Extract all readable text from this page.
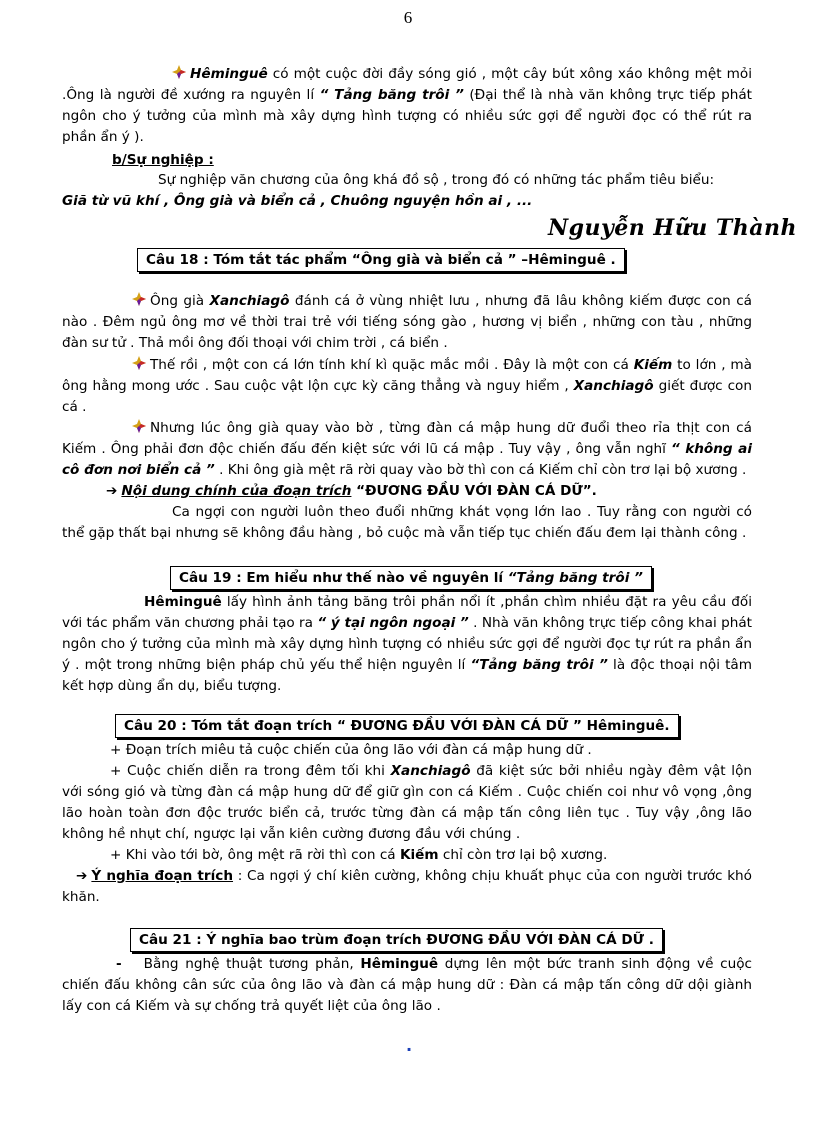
6
Hêminguê có một cuộc đời đầy sóng gió , một cây bút xông xáo không mệt mỏi .Ông là người đề xướng ra nguyên lí “ Tảng băng trôi ” (Đại thể là nhà văn không trực tiếp phát ngôn cho ý tưởng của mình mà xây dựng hình tượng có nhiều sức gợi để người đọc có thể rút ra phần ẩn ý ).
b/Sự nghiệp :
Sự nghiệp văn chương của ông khá đồ sộ , trong đó có những tác phẩm tiêu biểu:
Giã từ vũ khí , Ông già và biển cả , Chuông nguyện hồn ai , ...
Nguyễn Hữu Thành
Câu 18 : Tóm tắt tác phẩm “Ông già và biển cả ” –Hêminguê .
Ông già Xanchiagô đánh cá ở vùng nhiệt lưu , nhưng đã lâu không kiếm được con cá nào . Đêm ngủ ông mơ về thời trai trẻ với tiếng sóng gào , hương vị biển , những con tàu , những đàn sư tử . Thả mồi ông đối thoại với chim trời , cá biển .
Thế rồi , một con cá lớn tính khí kì quặc mắc mồi . Đây là một con cá Kiếm to lớn , mà ông hằng mong ước . Sau cuộc vật lộn cực kỳ căng thẳng và nguy hiểm , Xanchiagô giết được con cá .
Nhưng lúc ông già quay vào bờ , từng đàn cá mập hung dữ đuổi theo rỉa thịt con cá Kiếm . Ông phải đơn độc chiến đấu đến kiệt sức với lũ cá mập . Tuy vậy , ông vẫn nghĩ “ không ai cô đơn nơi biển cả ” . Khi ông già mệt rã rời quay vào bờ thì con cá Kiếm chỉ còn trơ lại bộ xương .
➔ Nội dung chính của đoạn trích “ĐƯƠNG ĐẦU VỚI ĐÀN CÁ DỮ”.
Ca ngợi con người luôn theo đuổi những khát vọng lớn lao . Tuy rằng con người có thể gặp thất bại nhưng sẽ không đầu hàng , bỏ cuộc mà vẫn tiếp tục chiến đấu đem lại thành công .
Câu 19 : Em hiểu như thế nào về nguyên lí “Tảng băng trôi ”
Hêminguê lấy hình ảnh tảng băng trôi phần nổi ít ,phần chìm nhiều đặt ra yêu cầu đối với tác phẩm văn chương phải tạo ra “ ý tại ngôn ngoại ” . Nhà văn không trực tiếp công khai phát ngôn cho ý tưởng của mình mà xây dựng hình tượng có nhiều sức gợi để người đọc tự rút ra phần ẩn ý . một trong những biện pháp chủ yếu thể hiện nguyên lí “Tảng băng trôi ” là độc thoại nội tâm kết hợp dùng ẩn dụ, biểu tượng.
Câu 20 : Tóm tắt đoạn trích “ ĐƯƠNG ĐẦU VỚI ĐÀN CÁ DỮ ” Hêminguê.
+ Đoạn trích miêu tả cuộc chiến của ông lão với đàn cá mập hung dữ .
+ Cuộc chiến diễn ra trong đêm tối khi Xanchiagô đã kiệt sức bởi nhiều ngày đêm vật lộn với sóng gió và từng đàn cá mập hung dữ để giữ gìn con cá Kiếm . Cuộc chiến coi như vô vọng ,ông lão hoàn toàn đơn độc trước biển cả, trước từng đàn cá mập tấn công liên tục . Tuy vậy ,ông lão không hề nhụt chí, ngược lại vẫn kiên cường đương đầu với chúng .
+ Khi vào tới bờ, ông mệt rã rời thì con cá Kiếm chỉ còn trơ lại bộ xương.
➔ Ý nghĩa đoạn trích : Ca ngợi ý chí kiên cường, không chịu khuất phục của con người trước khó khăn.
Câu 21 : Ý nghĩa bao trùm đoạn trích ĐƯƠNG ĐẦU VỚI ĐÀN CÁ DỮ .
- Bằng nghệ thuật tương phản, Hêminguê dựng lên một bức tranh sinh động về cuộc chiến đấu không cân sức của ông lão và đàn cá mập hung dữ : Đàn cá mập tấn công dữ dội giành lấy con cá Kiếm và sự chống trả quyết liệt của ông lão .
.
